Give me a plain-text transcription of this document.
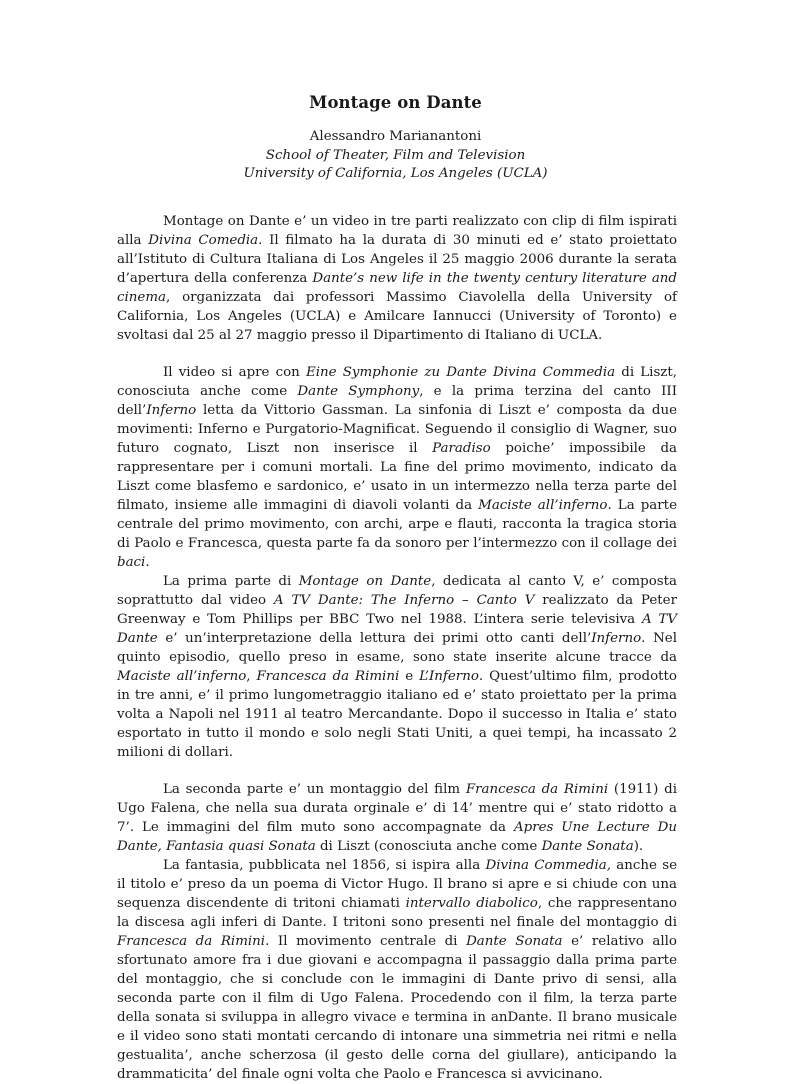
Montage on Dante
Alessandro Marianantoni
School of Theater, Film and Television
University of California, Los Angeles (UCLA)

Montage on Dante e’ un video in tre parti realizzato con clip di film ispirati alla Divina Comedia. Il filmato ha la durata di 30 minuti ed e’ stato proiettato all’Istituto di Cultura Italiana di Los Angeles il 25 maggio 2006 durante la serata d’apertura della conferenza Dante’s new life in the twenty century literature and cinema, organizzata dai professori Massimo Ciavolella della University of California, Los Angeles (UCLA) e Amilcare Iannucci (University of Toronto) e svoltasi dal 25 al 27 maggio presso il Dipartimento di Italiano di UCLA.

Il video si apre con Eine Symphonie zu Dante Divina Commedia di Liszt, conosciuta anche come Dante Symphony, e la prima terzina del canto III dell’Inferno letta da Vittorio Gassman. La sinfonia di Liszt e’ composta da due movimenti: Inferno e Purgatorio-Magnificat. Seguendo il consiglio di Wagner, suo futuro cognato, Liszt non inserisce il Paradiso poiche’ impossibile da rappresentare per i comuni mortali. La fine del primo movimento, indicato da Liszt come blasfemo e sardonico, e’ usato in un intermezzo nella terza parte del filmato, insieme alle immagini di diavoli volanti da Maciste all’inferno. La parte centrale del primo movimento, con archi, arpe e flauti, racconta la tragica storia di Paolo e Francesca, questa parte fa da sonoro per l’intermezzo con il collage dei baci.

La prima parte di Montage on Dante, dedicata al canto V, e’ composta soprattutto dal video A TV Dante: The Inferno – Canto V realizzato da Peter Greenway e Tom Phillips per BBC Two nel 1988. L’intera serie televisiva A TV Dante e’ un’interpretazione della lettura dei primi otto canti dell’Inferno. Nel quinto episodio, quello preso in esame, sono state inserite alcune tracce da Maciste all’inferno, Francesca da Rimini e L’Inferno. Quest’ultimo film, prodotto in tre anni, e’ il primo lungometraggio italiano ed e’ stato proiettato per la prima volta a Napoli nel 1911 al teatro Mercandante. Dopo il successo in Italia e’ stato esportato in tutto il mondo e solo negli Stati Uniti, a quei tempi, ha incassato 2 milioni di dollari.

La seconda parte e’ un montaggio del film Francesca da Rimini (1911) di Ugo Falena, che nella sua durata orginale e’ di 14’ mentre qui e’ stato ridotto a 7’. Le immagini del film muto sono accompagnate da Apres Une Lecture Du Dante, Fantasia quasi Sonata di Liszt (conosciuta anche come Dante Sonata).

La fantasia, pubblicata nel 1856, si ispira alla Divina Commedia, anche se il titolo e’ preso da un poema di Victor Hugo. Il brano si apre e si chiude con una sequenza discendente di tritoni chiamati intervallo diabolico, che rappresentano la discesa agli inferi di Dante. I tritoni sono presenti nel finale del montaggio di Francesca da Rimini. Il movimento centrale di Dante Sonata e’ relativo allo sfortunato amore fra i due giovani e accompagna il passaggio dalla prima parte del montaggio, che si conclude con le immagini di Dante privo di sensi, alla seconda parte con il film di Ugo Falena. Procedendo con il film, la terza parte della sonata si sviluppa in allegro vivace e termina in anDante. Il brano musicale e il video sono stati montati cercando di intonare una simmetria nei ritmi e nella gestualita’, anche scherzosa (il gesto delle corna del giullare), anticipando la drammaticita’ del finale ogni volta che Paolo e Francesca si avvicinano.
